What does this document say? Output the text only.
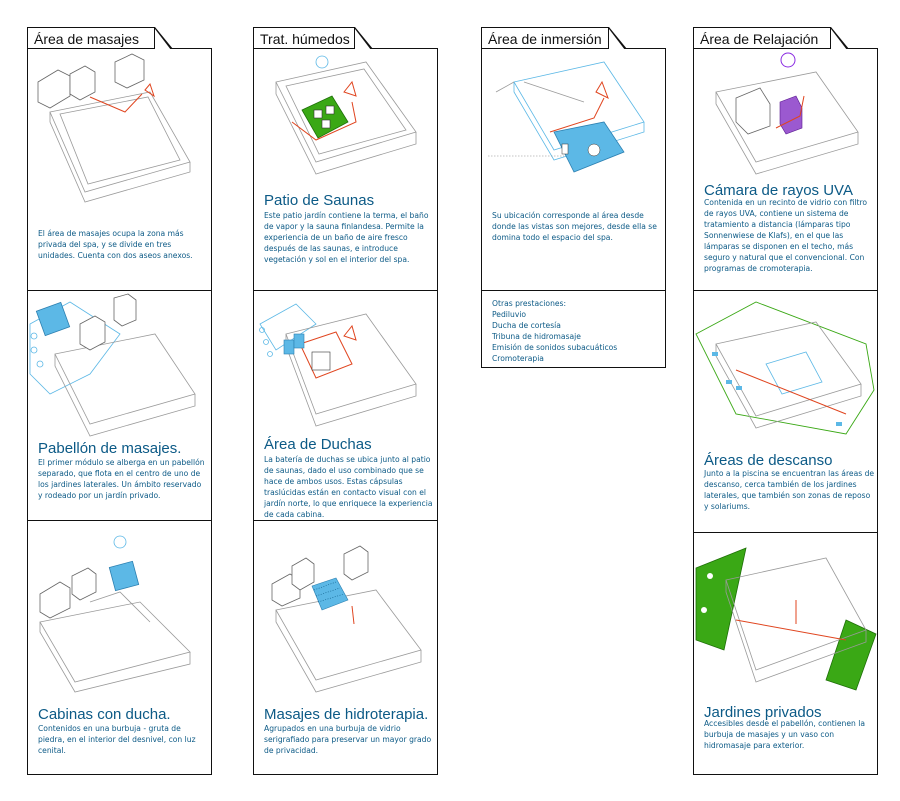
Área de masajes
El área de masajes ocupa la zona más privada del spa, y se divide en tres unidades. Cuenta con dos aseos anexos.
Pabellón de masajes.
El primer módulo se alberga en un pabellón separado, que flota en el centro de uno de los jardines laterales. Un ámbito reservado y rodeado por un jardín privado.
Cabinas con ducha.
Contenidos en una burbuja - gruta de piedra, en el interior del desnivel, con luz cenital.
Trat. húmedos
Patio de Saunas
Este patio jardín contiene la terma, el baño de vapor y la sauna finlandesa. Permite la experiencia de un baño de aire fresco después de las saunas, e introduce vegetación y sol en el interior del spa.
Área de Duchas
La batería de duchas se ubica junto al patio de saunas, dado el uso combinado que se hace de ambos usos. Estas cápsulas traslúcidas están en contacto visual con el jardín norte, lo que enriquece la experiencia de cada cabina.
Masajes de hidroterapia.
Agrupados en una burbuja de vidrio serigrafiado para preservar un mayor grado de privacidad.
Área de inmersión
Su ubicación corresponde al área desde donde las vistas son mejores, desde ella se domina todo el espacio del spa.
Otras prestaciones:
Pediluvio
Ducha de cortesía
Tribuna de hidromasaje
Emisión de sonidos subacuáticos
Cromoterapia
Área de Relajación
Cámara de rayos UVA
Contenida en un recinto de vidrio con filtro de rayos UVA, contiene un sistema de tratamiento a distancia (lámparas tipo Sonnenwiese de Klafs), en el que las lámparas se disponen en el techo, más seguro y natural que el convencional. Con programas de cromoterapia.
Áreas de descanso
Junto a la piscina se encuentran las áreas de descanso, cerca también de los jardines laterales, que también son zonas de reposo y solariums.
Jardines privados
Accesibles desde el pabellón, contienen la burbuja de masajes y un vaso con hidromasaje para exterior.
